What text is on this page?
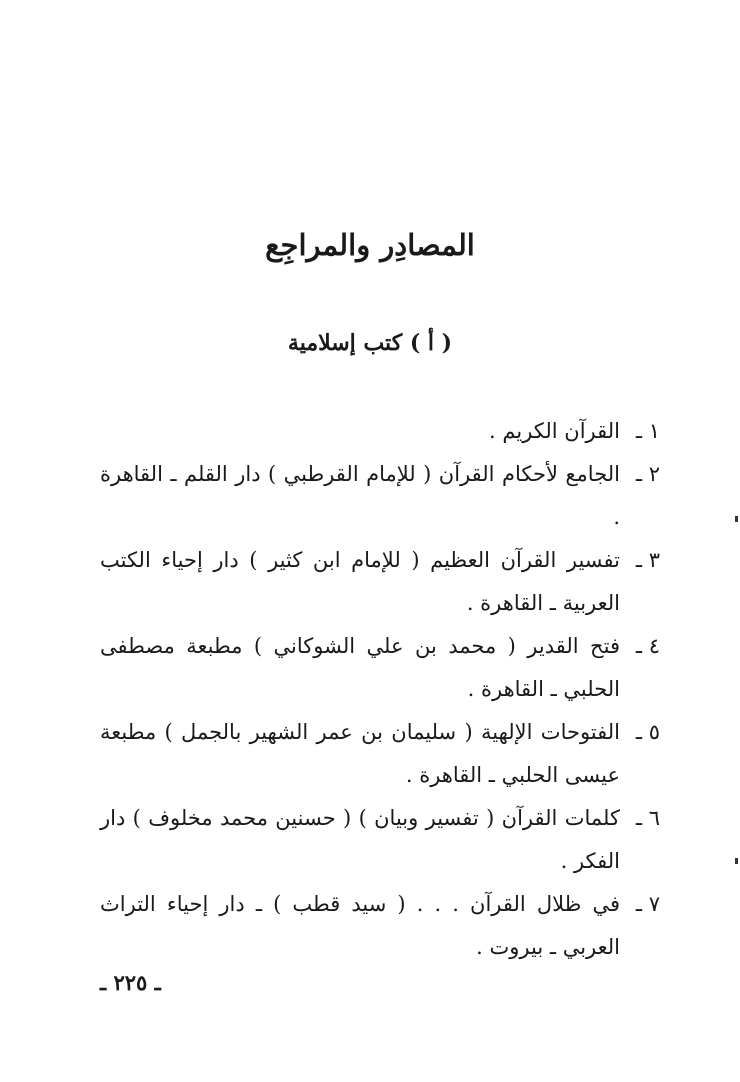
المصادِر والمراجِع
( أ ) كتب إسلامية
١ ـ
القرآن الكريم .
٢ ـ
الجامع لأحكام القرآن ( للإمام القرطبي ) دار القلم ـ القاهرة .
٣ ـ
تفسير القرآن العظيم ( للإمام ابن كثير ) دار إحياء الكتب العربية ـ القاهرة .
٤ ـ
فتح القدير ( محمد بن علي الشوكاني ) مطبعة مصطفى الحلبي ـ القاهرة .
٥ ـ
الفتوحات الإلهية ( سليمان بن عمر الشهير بالجمل ) مطبعة عيسى الحلبي ـ القاهرة .
٦ ـ
كلمات القرآن ( تفسير وبيان ) ( حسنين محمد مخلوف ) دار الفكر .
٧ ـ
في ظلال القرآن . . . ( سيد قطب ) ـ دار إحياء التراث العربي ـ بيروت .
ـ ٢٢٥ ـ
